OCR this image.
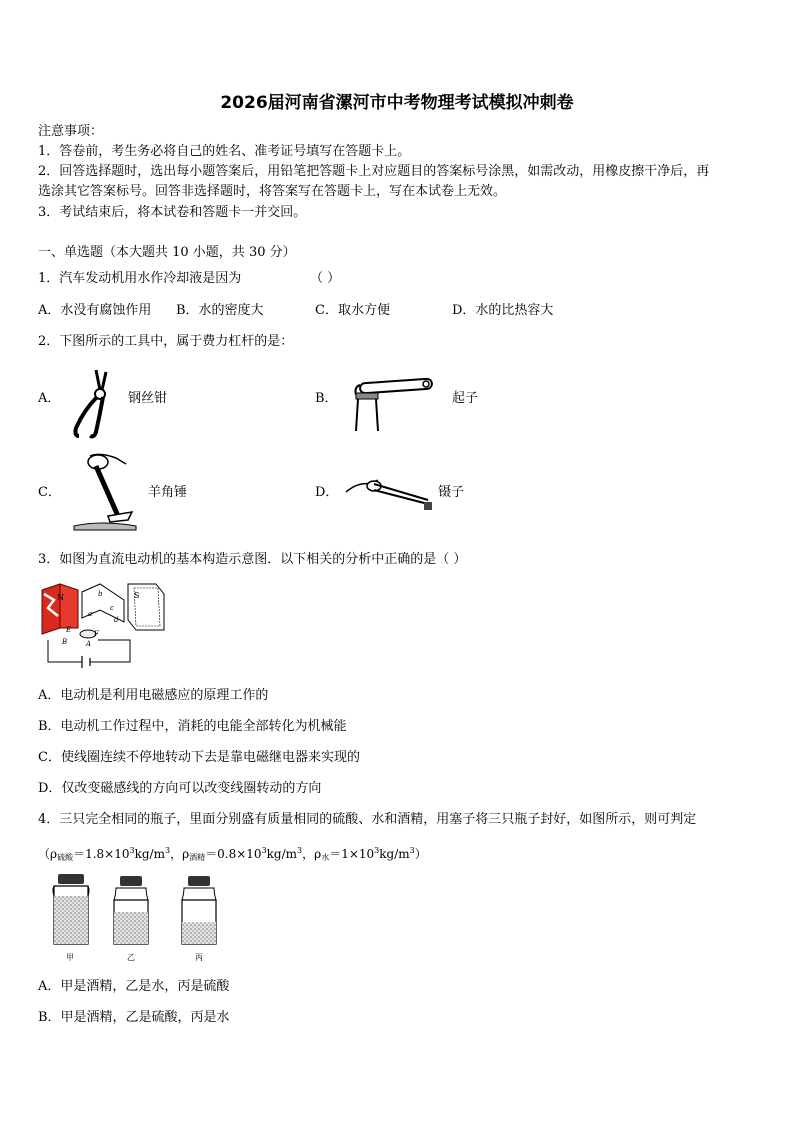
2026届河南省漯河市中考物理考试模拟冲刺卷
注意事项：
1．答卷前，考生务必将自己的姓名、准考证号填写在答题卡上。
2．回答选择题时，选出每小题答案后，用铅笔把答题卡上对应题目的答案标号涂黑，如需改动，用橡皮擦干净后，再
选涂其它答案标号。回答非选择题时，将答案写在答题卡上，写在本试卷上无效。
3．考试结束后，将本试卷和答题卡一并交回。
一、单选题（本大题共 10 小题，共 30 分）
1．汽车发动机用水作冷却液是因为	（ ）
A．水没有腐蚀作用 B．水的密度大	C．取水方便	D．水的比热容大
2．下图所示的工具中，属于费力杠杆的是：
A．	钢丝钳	B．	起子
C．	羊角锤	D．	镊子
3．如图为直流电动机的基本构造示意图．以下相关的分析中正确的是（ ）
N	b
a
c
d
S
E	F
B	A
A．电动机是利用电磁感应的原理工作的
B．电动机工作过程中，消耗的电能全部转化为机械能
C．使线圈连续不停地转动下去是靠电磁继电器来实现的
D．仅改变磁感线的方向可以改变线圈转动的方向
4．三只完全相同的瓶子，里面分别盛有质量相同的硫酸、水和酒精，用塞子将三只瓶子封好，如图所示，则可判定
（$\rho_{硫酸}=1.8\times 10^3kg/m^3$，$\rho_{酒精}=0.8\times 10^3kg/m^3$，$\rho_水=1\times 10^3kg/m^3$）
甲	乙	丙
A．甲是酒精，乙是水，丙是硫酸
B．甲是酒精，乙是硫酸，丙是水
